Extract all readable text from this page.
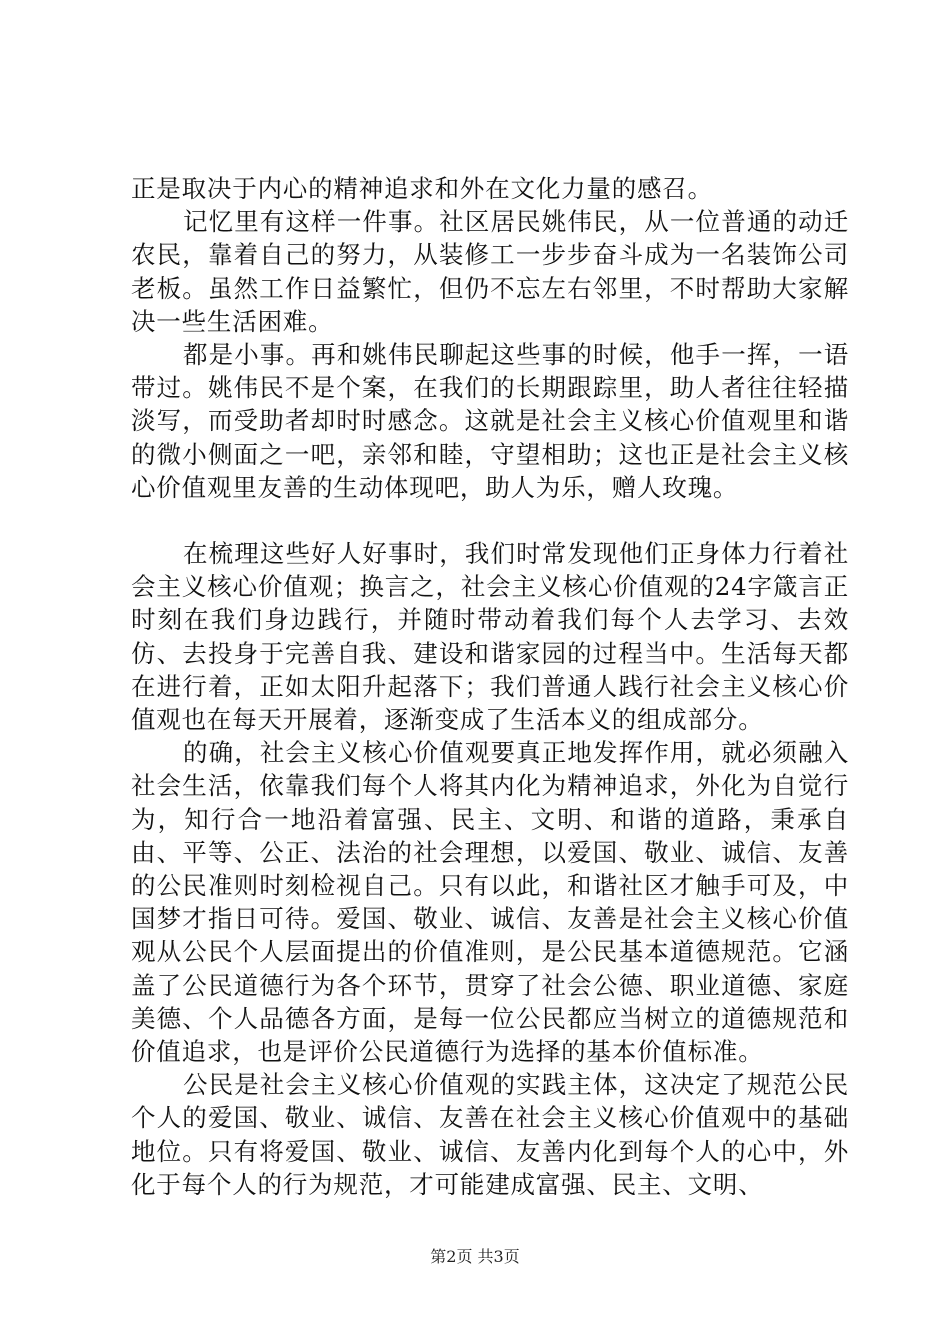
正是取决于内心的精神追求和外在文化力量的感召。

记忆里有这样一件事。社区居民姚伟民，从一位普通的动迁农民，靠着自己的努力，从装修工一步步奋斗成为一名装饰公司老板。虽然工作日益繁忙，但仍不忘左右邻里，不时帮助大家解决一些生活困难。

都是小事。再和姚伟民聊起这些事的时候，他手一挥，一语带过。姚伟民不是个案，在我们的长期跟踪里，助人者往往轻描淡写，而受助者却时时感念。这就是社会主义核心价值观里和谐的微小侧面之一吧，亲邻和睦，守望相助；这也正是社会主义核心价值观里友善的生动体现吧，助人为乐，赠人玫瑰。

在梳理这些好人好事时，我们时常发现他们正身体力行着社会主义核心价值观；换言之，社会主义核心价值观的24字箴言正时刻在我们身边践行，并随时带动着我们每个人去学习、去效仿、去投身于完善自我、建设和谐家园的过程当中。生活每天都在进行着，正如太阳升起落下；我们普通人践行社会主义核心价值观也在每天开展着，逐渐变成了生活本义的组成部分。

的确，社会主义核心价值观要真正地发挥作用，就必须融入社会生活，依靠我们每个人将其内化为精神追求，外化为自觉行为，知行合一地沿着富强、民主、文明、和谐的道路，秉承自由、平等、公正、法治的社会理想，以爱国、敬业、诚信、友善的公民准则时刻检视自己。只有以此，和谐社区才触手可及，中国梦才指日可待。爱国、敬业、诚信、友善是社会主义核心价值观从公民个人层面提出的价值准则，是公民基本道德规范。它涵盖了公民道德行为各个环节，贯穿了社会公德、职业道德、家庭美德、个人品德各方面，是每一位公民都应当树立的道德规范和价值追求，也是评价公民道德行为选择的基本价值标准。

公民是社会主义核心价值观的实践主体，这决定了规范公民个人的爱国、敬业、诚信、友善在社会主义核心价值观中的基础地位。只有将爱国、敬业、诚信、友善内化到每个人的心中，外化于每个人的行为规范，才可能建成富强、民主、文明、

第2页 共3页
